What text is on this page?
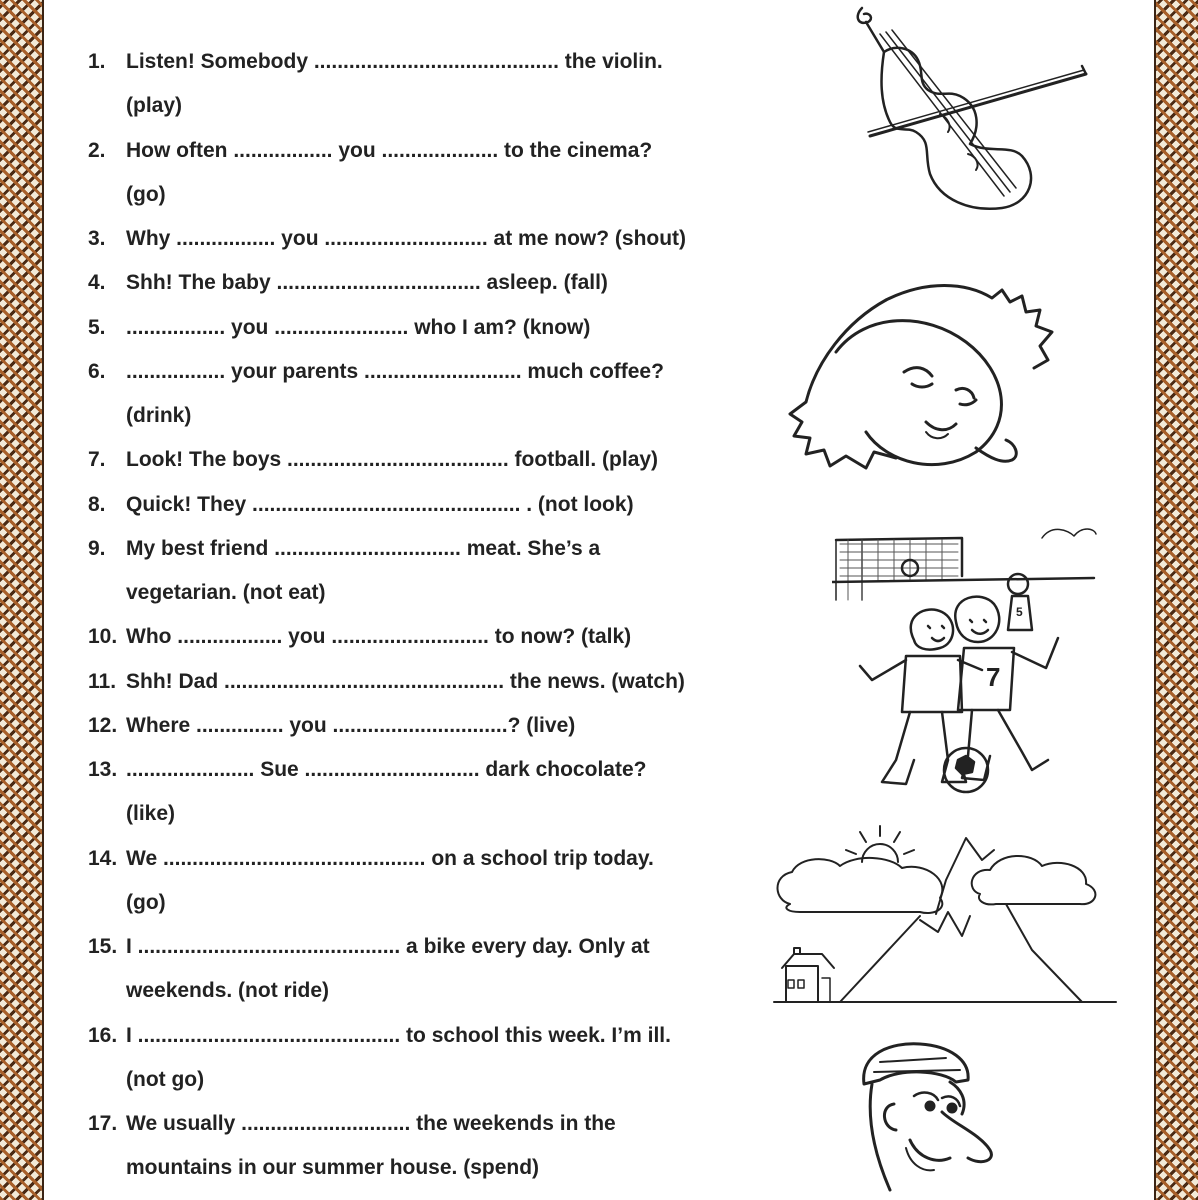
1. Listen! Somebody .......................................... the violin.
(play)
2. How often ................. you .................... to the cinema?
(go)
3. Why ................. you ............................ at me now? (shout)
4. Shh! The baby ................................... asleep. (fall)
5. ................. you ....................... who I am? (know)
6. ................. your parents ........................... much coffee?
(drink)
7. Look! The boys ...................................... football. (play)
8. Quick! They .............................................. . (not look)
9. My best friend ................................ meat. She’s a
vegetarian. (not eat)
10. Who .................. you ........................... to now? (talk)
11. Shh! Dad ................................................ the news. (watch)
12. Where ............... you ..............................? (live)
13. ...................... Sue .............................. dark chocolate?
(like)
14. We ............................................. on a school trip today.
(go)
15. I ............................................. a bike every day. Only at
weekends. (not ride)
16. I ............................................. to school this week. I’m ill.
(not go)
17. We usually ............................. the weekends in the
mountains in our summer house. (spend)
5
2 7
